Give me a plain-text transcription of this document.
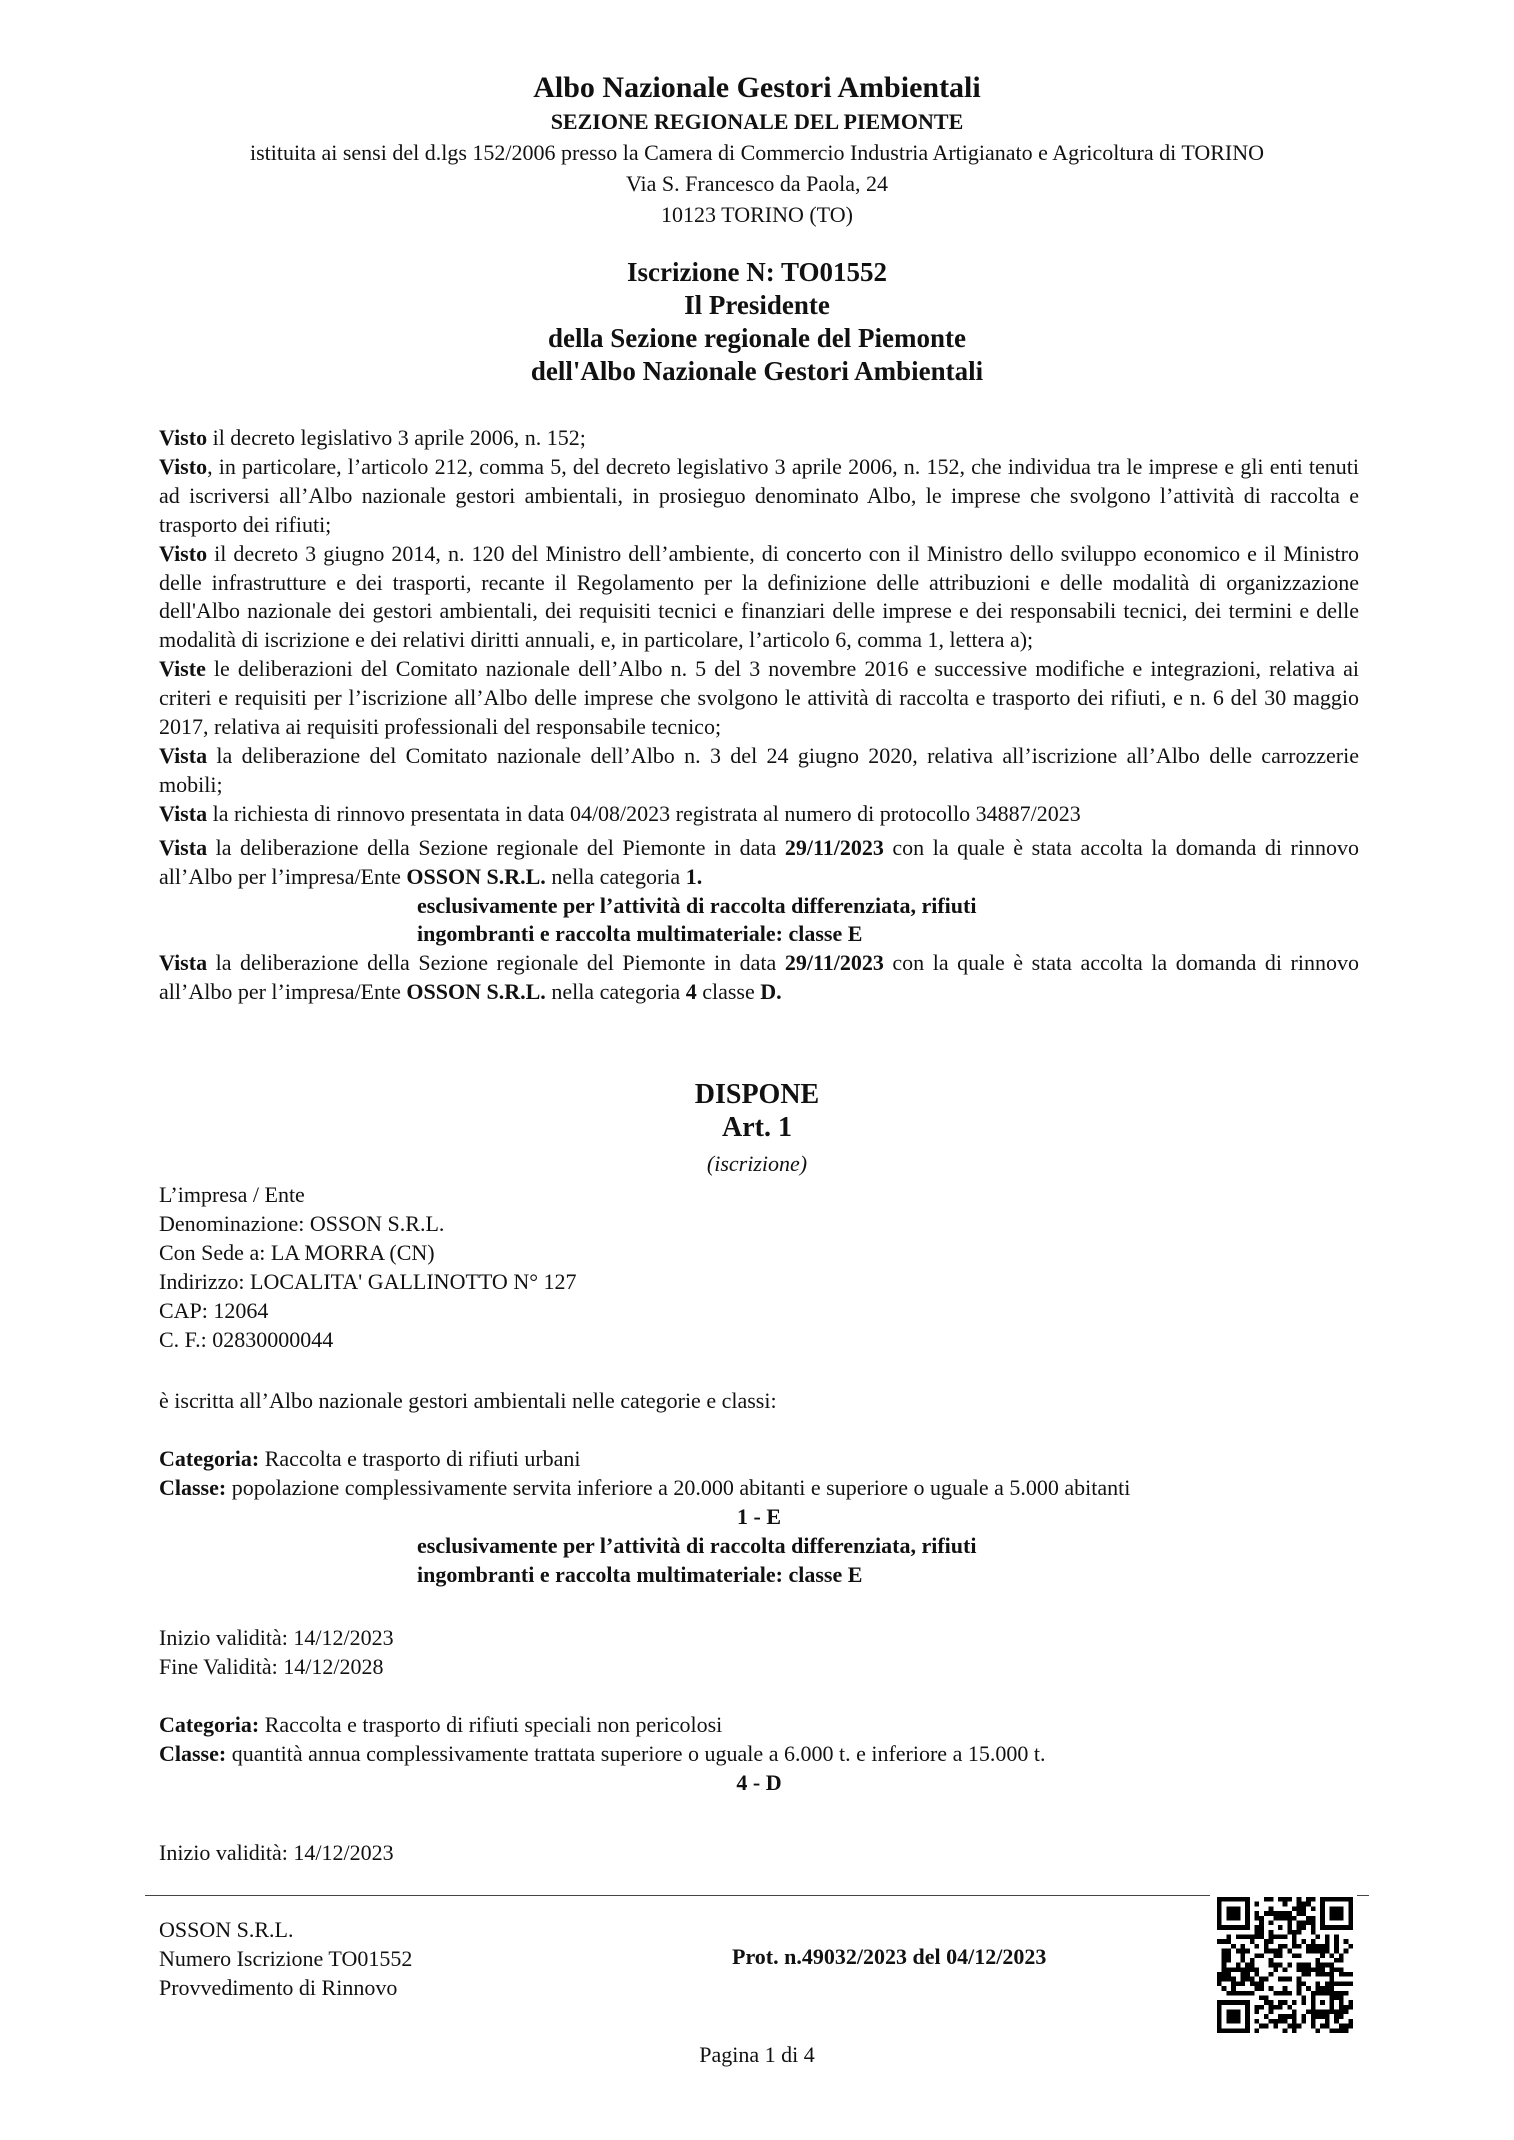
Albo Nazionale Gestori Ambientali
SEZIONE REGIONALE DEL PIEMONTE
istituita ai sensi del d.lgs 152/2006 presso la Camera di Commercio Industria Artigianato e Agricoltura di TORINO
Via S. Francesco da Paola, 24
10123 TORINO (TO)
Iscrizione N: TO01552
Il Presidente
della Sezione regionale del Piemonte
dell'Albo Nazionale Gestori Ambientali

Visto il decreto legislativo 3 aprile 2006, n. 152;

Visto, in particolare, l’articolo 212, comma 5, del decreto legislativo 3 aprile 2006, n. 152, che individua tra le imprese e gli enti tenuti ad iscriversi all’Albo nazionale gestori ambientali, in prosieguo denominato Albo, le imprese che svolgono l’attività di raccolta e trasporto dei rifiuti;

Visto il decreto 3 giugno 2014, n. 120 del Ministro dell’ambiente, di concerto con il Ministro dello sviluppo economico e il Ministro delle infrastrutture e dei trasporti, recante il Regolamento per la definizione delle attribuzioni e delle modalità di organizzazione dell'Albo nazionale dei gestori ambientali, dei requisiti tecnici e finanziari delle imprese e dei responsabili tecnici, dei termini e delle modalità di iscrizione e dei relativi diritti annuali, e, in particolare, l’articolo 6, comma 1, lettera a);

Viste le deliberazioni del Comitato nazionale dell’Albo n. 5 del 3 novembre 2016 e successive modifiche e integrazioni, relativa ai criteri e requisiti per l’iscrizione all’Albo delle imprese che svolgono le attività di raccolta e trasporto dei rifiuti, e n. 6 del 30 maggio 2017, relativa ai requisiti professionali del responsabile tecnico;

Vista la deliberazione del Comitato nazionale dell’Albo n. 3 del 24 giugno 2020, relativa all’iscrizione all’Albo delle carrozzerie mobili;

Vista la richiesta di rinnovo presentata in data 04/08/2023 registrata al numero di protocollo 34887/2023

Vista la deliberazione della Sezione regionale del Piemonte in data 29/11/2023 con la quale è stata accolta la domanda di rinnovo all’Albo per l’impresa/Ente OSSON S.R.L. nella categoria 1.

esclusivamente per l’attività di raccolta differenziata, rifiuti

ingombranti e raccolta multimateriale: classe E

Vista la deliberazione della Sezione regionale del Piemonte in data 29/11/2023 con la quale è stata accolta la domanda di rinnovo all’Albo per l’impresa/Ente OSSON S.R.L. nella categoria 4 classe D.

DISPONE
Art. 1
(iscrizione)
L’impresa / Ente
Denominazione: OSSON S.R.L.
Con Sede a: LA MORRA (CN)
Indirizzo: LOCALITA' GALLINOTTO N° 127
CAP: 12064
C. F.: 02830000044
è iscritta all’Albo nazionale gestori ambientali nelle categorie e classi:
Categoria: Raccolta e trasporto di rifiuti urbani
Classe: popolazione complessivamente servita inferiore a 20.000 abitanti e superiore o uguale a 5.000 abitanti
1 - E
esclusivamente per l’attività di raccolta differenziata, rifiuti
ingombranti e raccolta multimateriale: classe E
Inizio validità: 14/12/2023
Fine Validità: 14/12/2028
Categoria: Raccolta e trasporto di rifiuti speciali non pericolosi
Classe: quantità annua complessivamente trattata superiore o uguale a 6.000 t. e inferiore a 15.000 t.
4 - D
Inizio validità: 14/12/2023
OSSON S.R.L.
Numero Iscrizione TO01552
Provvedimento di Rinnovo
Prot. n.49032/2023 del 04/12/2023
Pagina 1 di 4
